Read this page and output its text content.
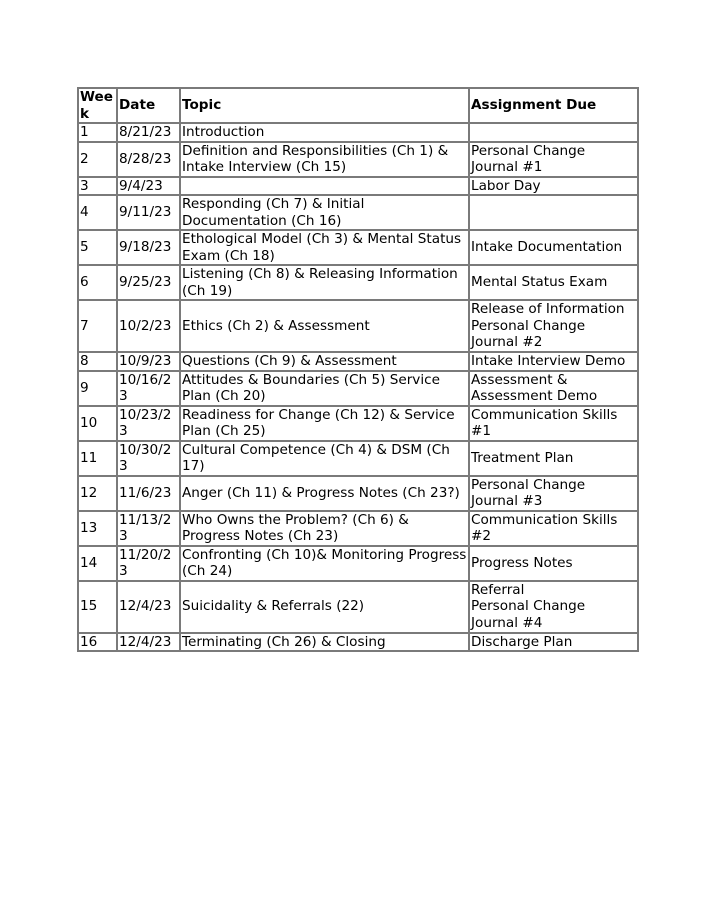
Week	Date	Topic	Assignment Due

1	8/21/23	Introduction	

2	8/28/23	Definition and Responsibilities (Ch 1) & Intake Interview (Ch 15)	Personal Change Journal #1

3	9/4/23		Labor Day

4	9/11/23	Responding (Ch 7) & Initial Documentation (Ch 16)	

5	9/18/23	Ethological Model (Ch 3) & Mental Status Exam (Ch 18)	Intake Documentation

6	9/25/23	Listening (Ch 8) & Releasing Information (Ch 19)	Mental Status Exam

7	10/2/23	Ethics (Ch 2) & Assessment	Release of Information
Personal Change Journal #2

8	10/9/23	Questions (Ch 9) & Assessment	Intake Interview Demo

9	10/16/23	Attitudes & Boundaries (Ch 5) Service Plan (Ch 20)	Assessment & Assessment Demo

10	10/23/23	Readiness for Change (Ch 12) & Service Plan (Ch 25)	Communication Skills #1

11	10/30/23	Cultural Competence (Ch 4) & DSM (Ch 17)	Treatment Plan

12	11/6/23	Anger (Ch 11) & Progress Notes (Ch 23?)	Personal Change Journal #3

13	11/13/23	Who Owns the Problem? (Ch 6) & Progress Notes (Ch 23)	Communication Skills #2

14	11/20/23	Confronting (Ch 10)& Monitoring Progress (Ch 24)	Progress Notes

15	12/4/23	Suicidality & Referrals (22)	Referral
Personal Change Journal #4

16	12/4/23	Terminating (Ch 26) & Closing	Discharge Plan
